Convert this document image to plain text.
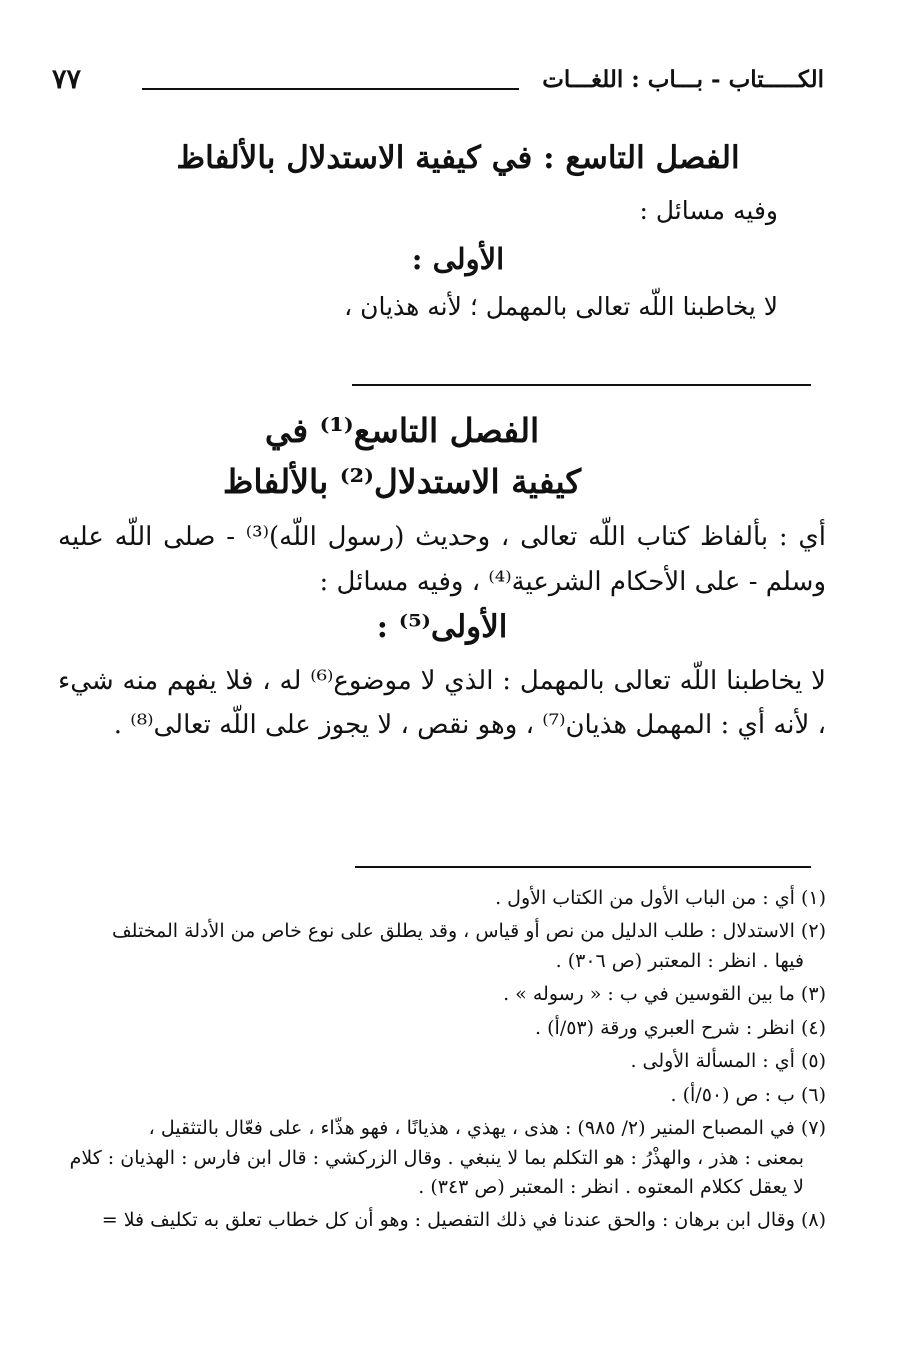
الكـــــتاب - بـــاب : اللغـــات
٧٧
الفصل التاسع : في كيفية الاستدلال بالألفاظ

وفيه مسائل :

الأولى :

لا يخاطبنا اللّه تعالى بالمهمل ؛ لأنه هذيان ،

الفصل التاسع⁽¹⁾ في
كيفية الاستدلال⁽²⁾ بالألفاظ

أي : بألفاظ كتاب اللّه تعالى ، وحديث (رسول اللّه)⁽³⁾ - صلى اللّه عليه وسلم - على الأحكام الشرعية⁽⁴⁾ ، وفيه مسائل :

الأولى⁽⁵⁾ :

لا يخاطبنا اللّه تعالى بالمهمل : الذي لا موضوع⁽⁶⁾ له ، فلا يفهم منه شيء ، لأنه أي : المهمل هذيان⁽⁷⁾ ، وهو نقص ، لا يجوز على اللّه تعالى⁽⁸⁾ .

(١) أي : من الباب الأول من الكتاب الأول .

(٢) الاستدلال : طلب الدليل من نص أو قياس ، وقد يطلق على نوع خاص من الأدلة المختلف
فيها . انظر : المعتبر (ص ٣٠٦) .

(٣) ما بين القوسين في ب : « رسوله » .

(٤) انظر : شرح العبري ورقة (٥٣/أ) .

(٥) أي : المسألة الأولى .

(٦) ب : ص (٥٠/أ) .

(٧) في المصباح المنير (٢/ ٩٨٥) : هذى ، يهذي ، هذيانًا ، فهو هذّاء ، على فعّال بالتثقيل ،
بمعنى : هذر ، والهذْرُ : هو التكلم بما لا ينبغي . وقال الزركشي : قال ابن فارس : الهذيان : كلام لا يعقل ككلام المعتوه . انظر : المعتبر (ص ٣٤٣) .

(٨) وقال ابن برهان : والحق عندنا في ذلك التفصيل : وهو أن كل خطاب تعلق به تكليف فلا =
